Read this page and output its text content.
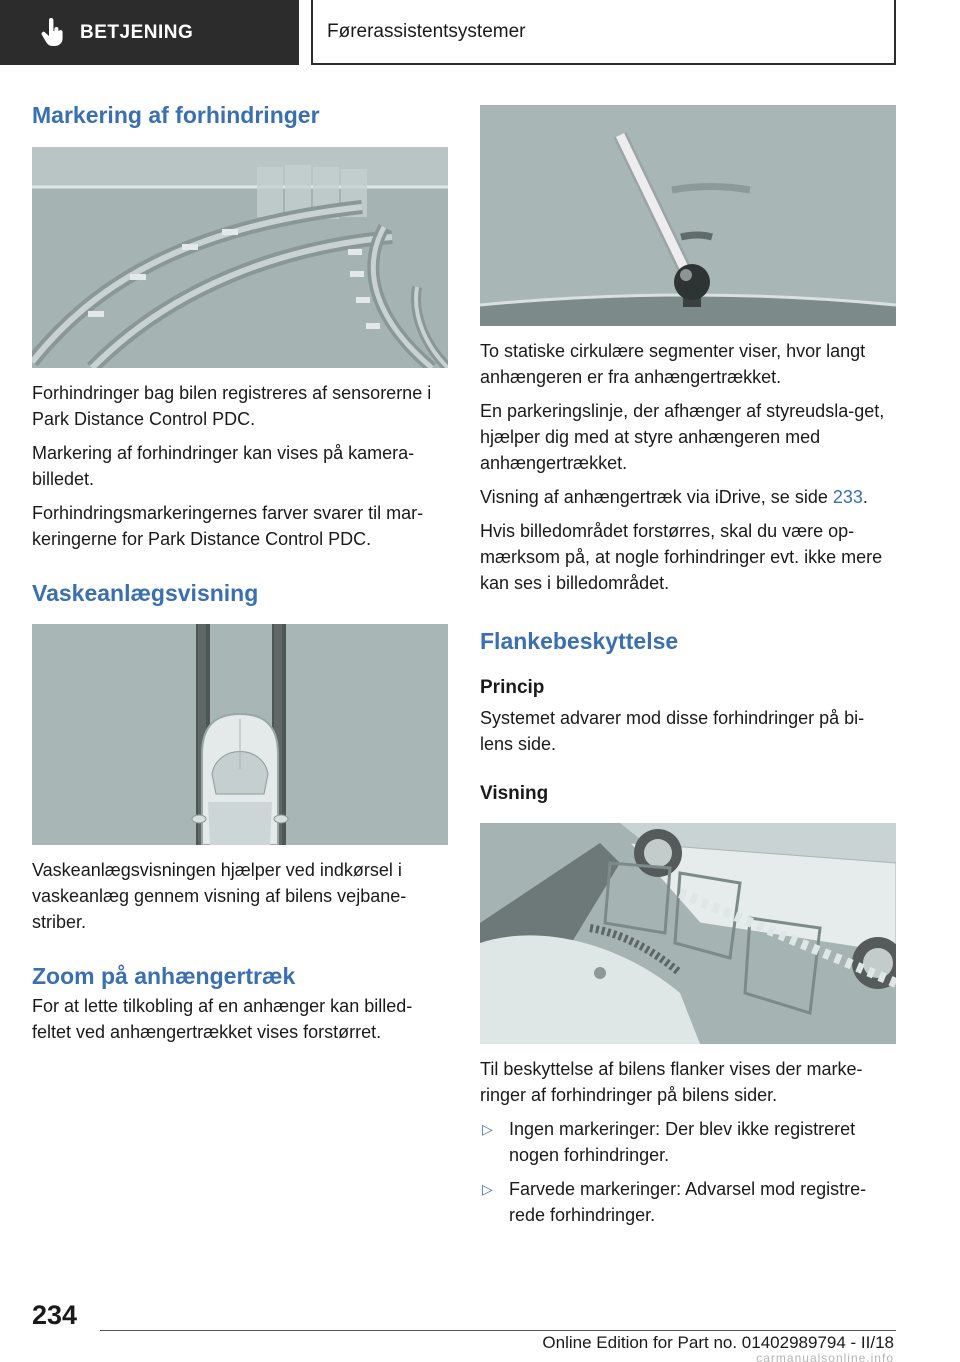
BETJENING	Førerassistentsystemer
Markering af forhindringer

Forhindringer bag bilen registreres af sensorerne i Park Distance Control PDC.

Markering af forhindringer kan vises på kamera-billedet.

Forhindringsmarkeringernes farver svarer til mar-keringerne for Park Distance Control PDC.

Vaskeanlægsvisning

Vaskeanlægsvisningen hjælper ved indkørsel i vaskeanlæg gennem visning af bilens vejbane-striber.

Zoom på anhængertræk

For at lette tilkobling af en anhænger kan billed-feltet ved anhængertrækket vises forstørret.

To statiske cirkulære segmenter viser, hvor langt anhængeren er fra anhængertrækket.

En parkeringslinje, der afhænger af styreudsla-get, hjælper dig med at styre anhængeren med anhængertrækket.

Visning af anhængertræk via iDrive, se side 233.

Hvis billedområdet forstørres, skal du være op-mærksom på, at nogle forhindringer evt. ikke mere kan ses i billedområdet.

Flankebeskyttelse
Princip

Systemet advarer mod disse forhindringer på bi-lens side.

Visning

Til beskyttelse af bilens flanker vises der marke-ringer af forhindringer på bilens sider.

▷ Ingen markeringer: Der blev ikke registreret nogen forhindringer.
▷ Farvede markeringer: Advarsel mod registre-rede forhindringer.
234
Online Edition for Part no. 01402989794 - II/18
carmanualsonline.info
